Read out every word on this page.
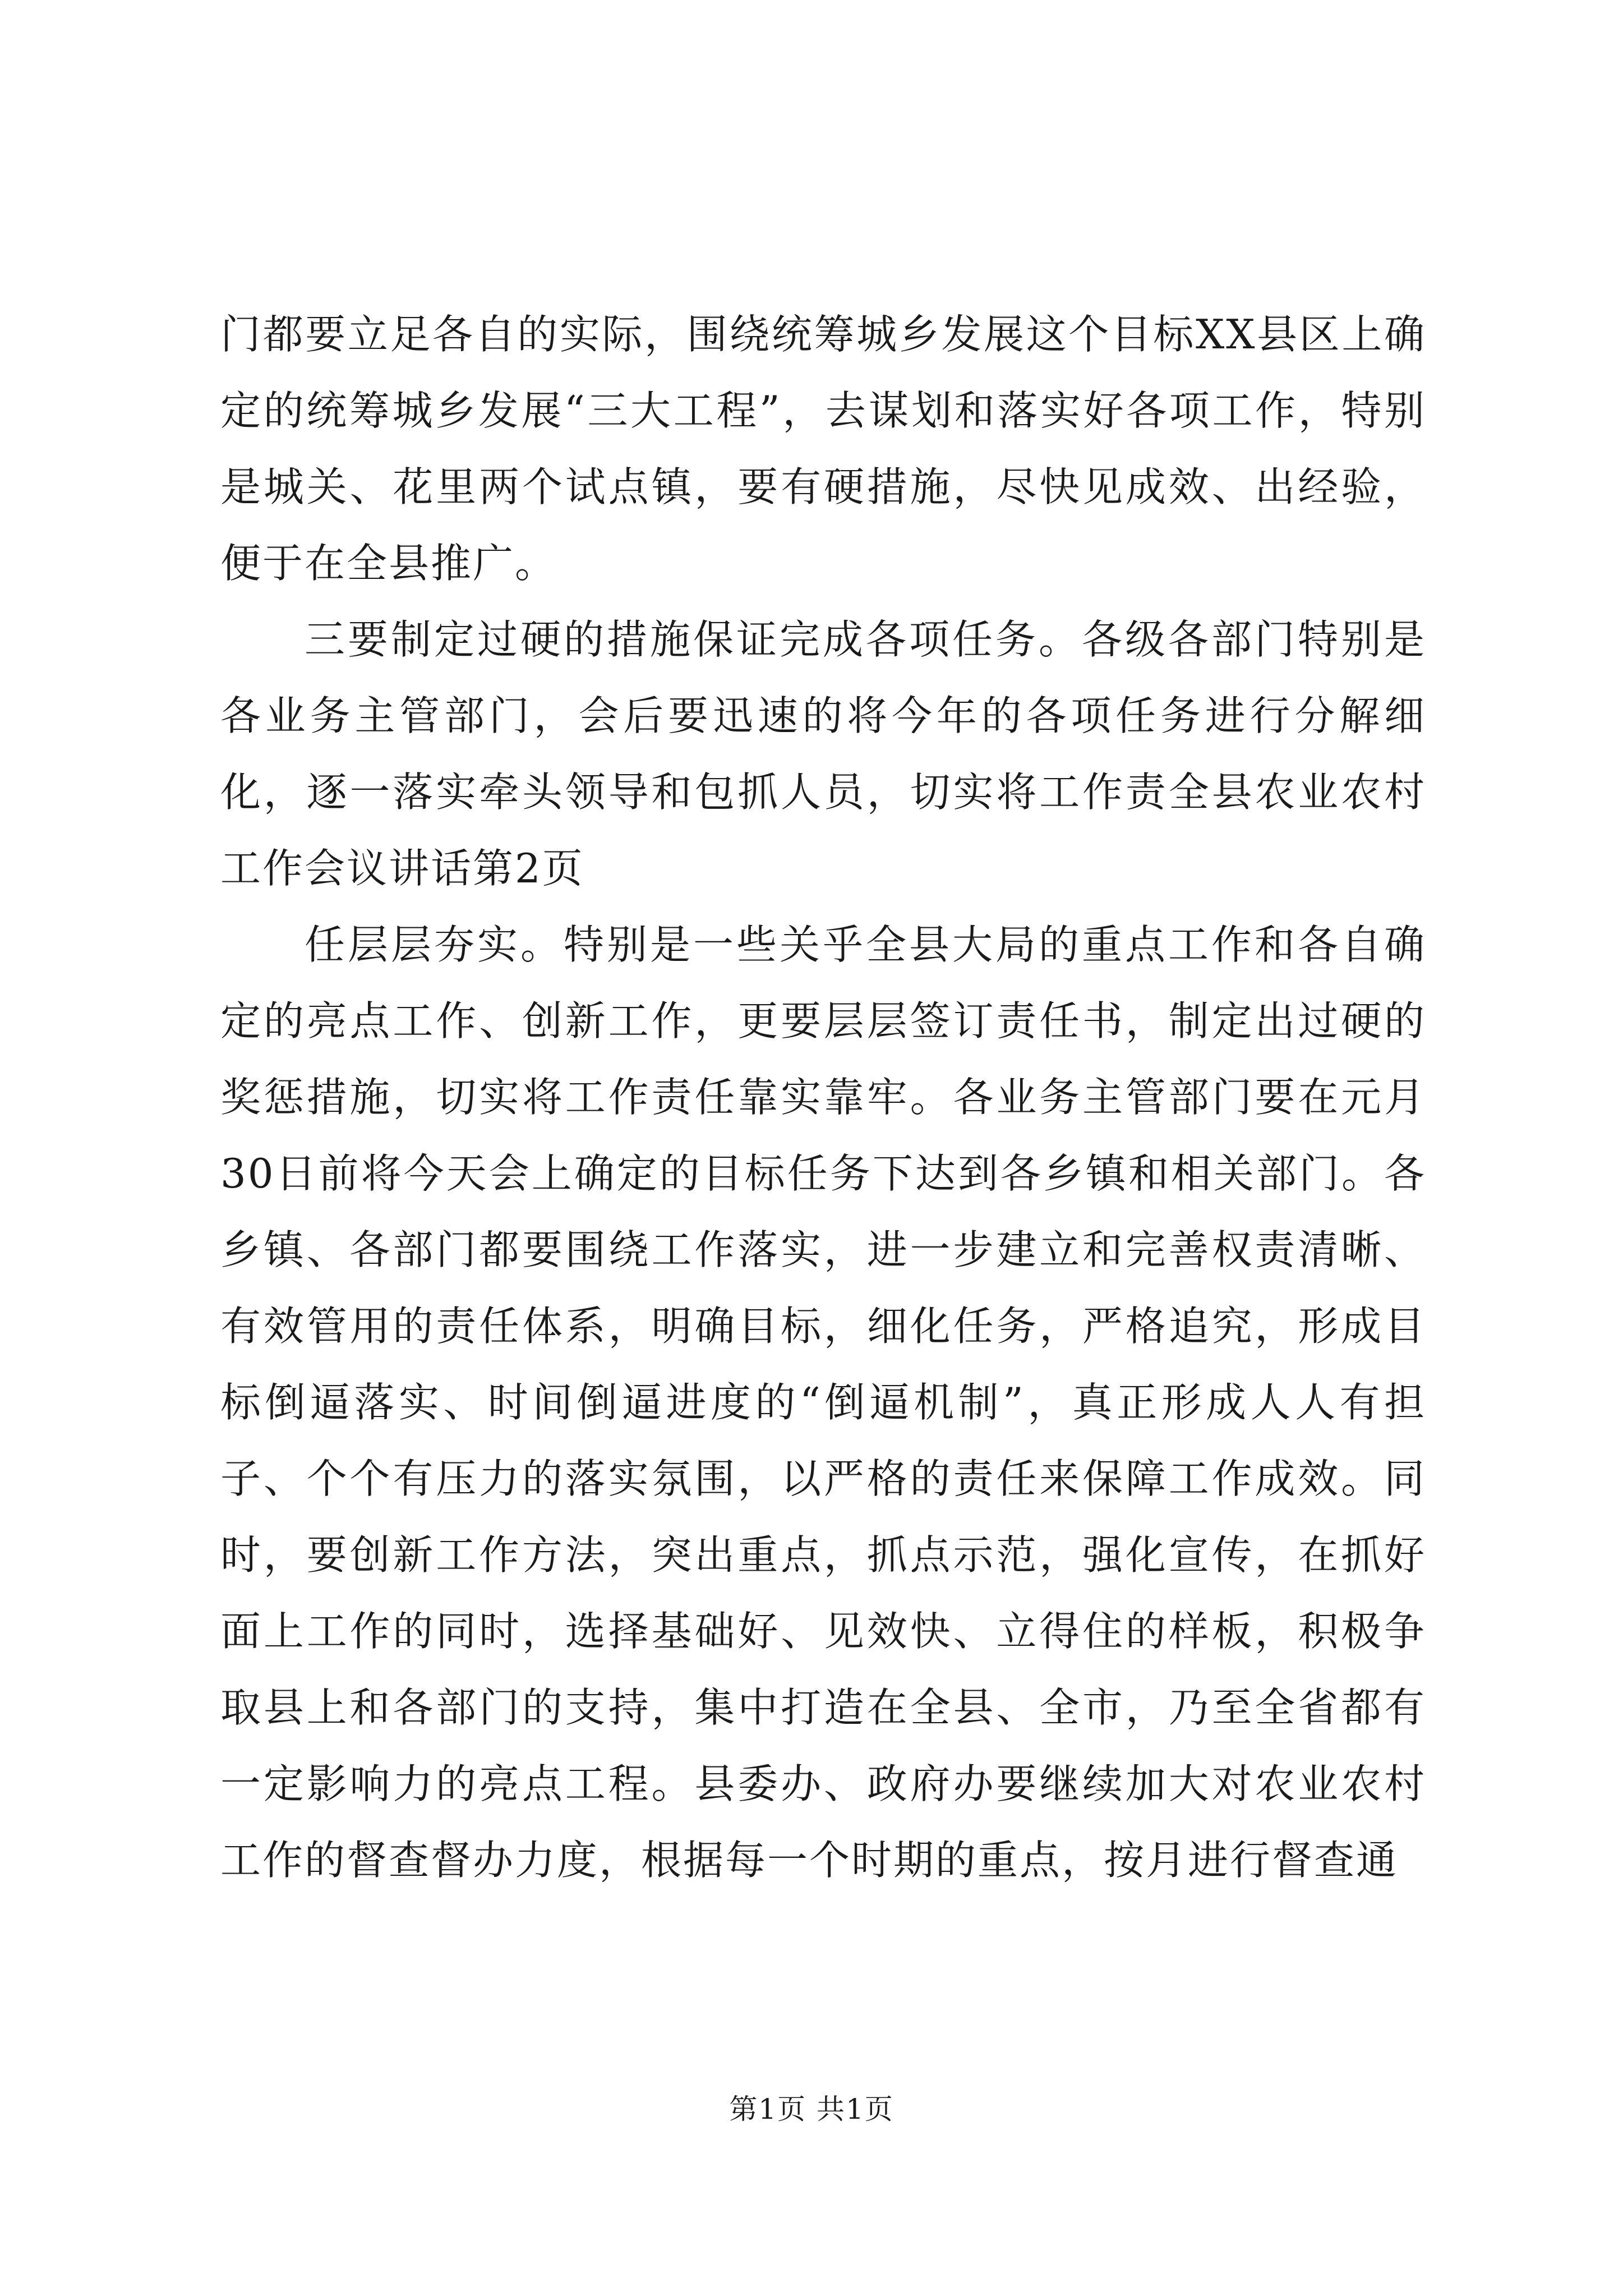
门都要立足各自的实际，围绕统筹城乡发展这个目标XX县区上确定的统筹城乡发展“三大工程”，去谋划和落实好各项工作，特别是城关、花里两个试点镇，要有硬措施，尽快见成效、出经验，便于在全县推广。

三要制定过硬的措施保证完成各项任务。各级各部门特别是各业务主管部门，会后要迅速的将今年的各项任务进行分解细化，逐一落实牵头领导和包抓人员，切实将工作责全县农业农村工作会议讲话第2页

任层层夯实。特别是一些关乎全县大局的重点工作和各自确定的亮点工作、创新工作，更要层层签订责任书，制定出过硬的奖惩措施，切实将工作责任靠实靠牢。各业务主管部门要在元月30日前将今天会上确定的目标任务下达到各乡镇和相关部门。各乡镇、各部门都要围绕工作落实，进一步建立和完善权责清晰、有效管用的责任体系，明确目标，细化任务，严格追究，形成目标倒逼落实、时间倒逼进度的“倒逼机制”，真正形成人人有担子、个个有压力的落实氛围，以严格的责任来保障工作成效。同时，要创新工作方法，突出重点，抓点示范，强化宣传，在抓好面上工作的同时，选择基础好、见效快、立得住的样板，积极争取县上和各部门的支持，集中打造在全县、全市，乃至全省都有一定影响力的亮点工程。县委办、政府办要继续加大对农业农村工作的督查督办力度，根据每一个时期的重点，按月进行督查通

第1页 共1页
